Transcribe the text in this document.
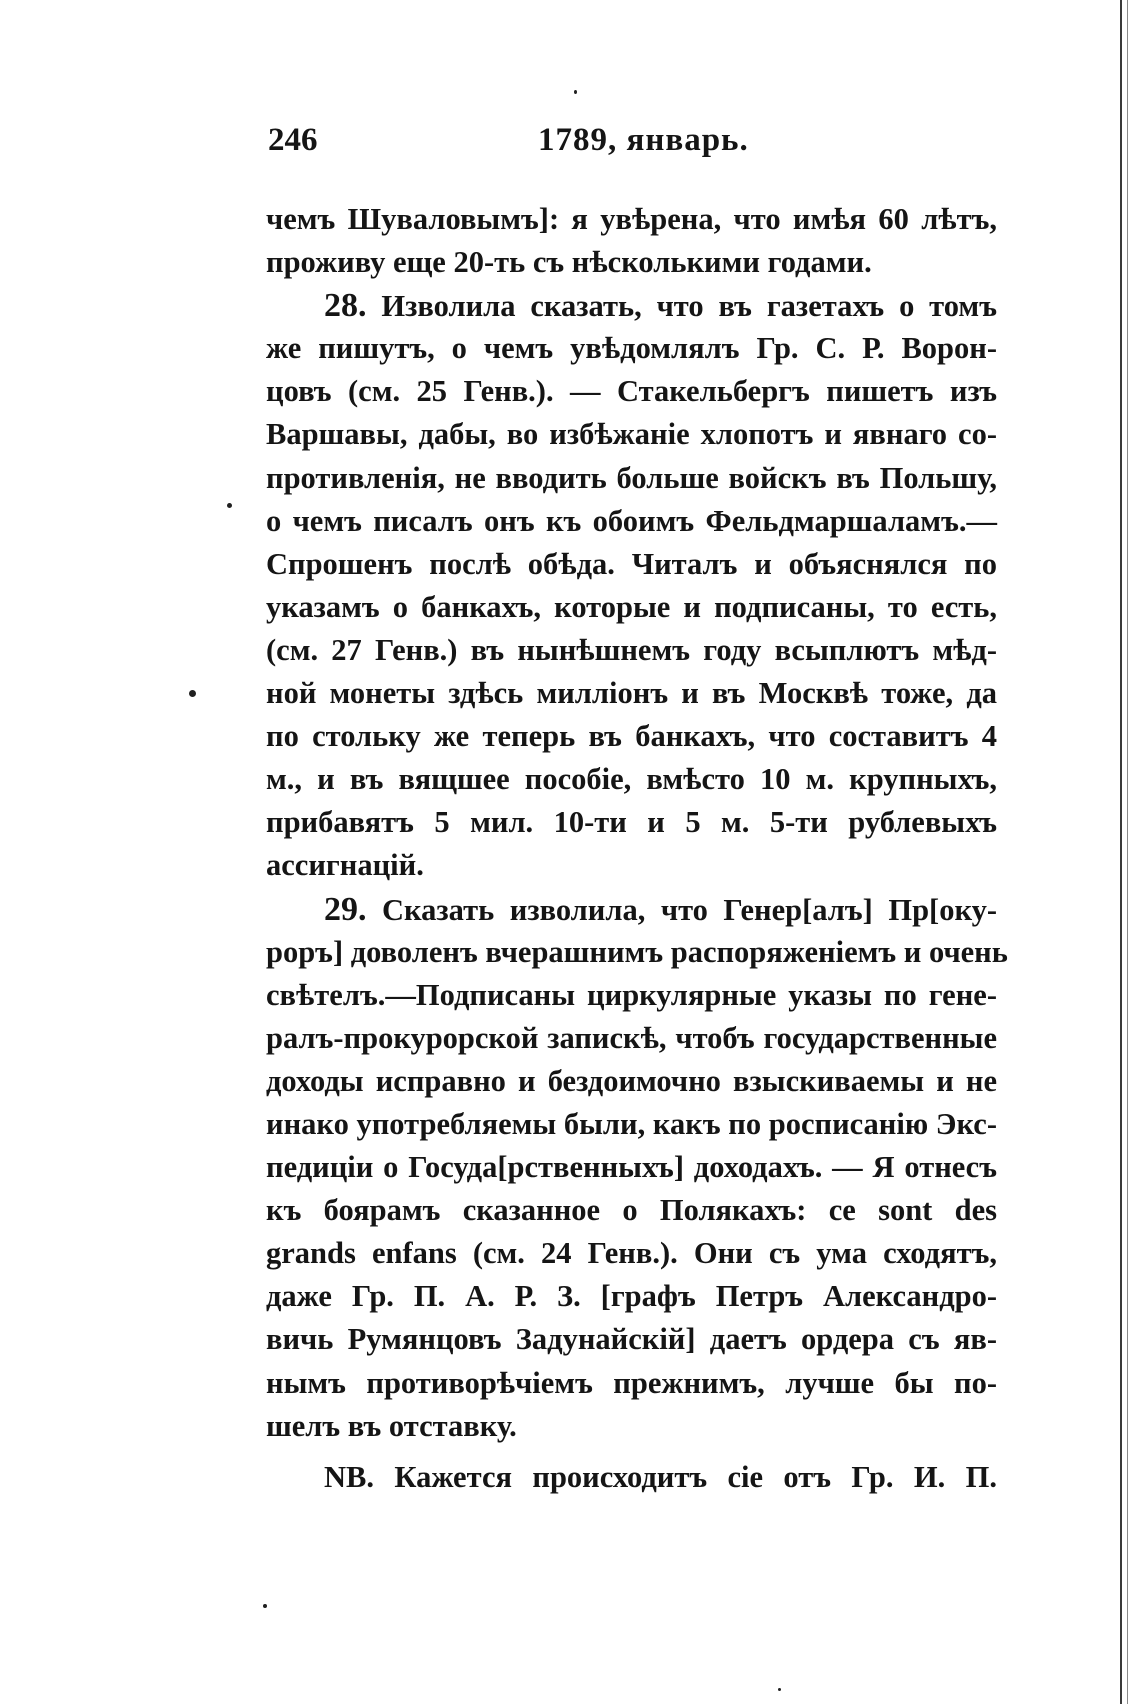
246	1789, январь.
чемъ Шуваловымъ]: я увѣрена, что имѣя 60 лѣтъ,
проживу еще 20-ть съ нѣсколькими годами.
28. Изволила сказать, что въ газетахъ о томъ
же пишутъ, о чемъ увѣдомлялъ Гр. С. Р. Ворон-
цовъ (см. 25 Генв.). — Стакельбергъ пишетъ изъ
Варшавы, дабы, во избѣжаніе хлопотъ и явнаго со-
противленія, не вводить больше войскъ въ Польшу,
о чемъ писалъ онъ къ обоимъ Фельдмаршаламъ.—
Спрошенъ послѣ обѣда. Читалъ и объяснялся по
указамъ о банкахъ, которые и подписаны, то есть,
(см. 27 Генв.) въ нынѣшнемъ году всыплютъ мѣд-
ной монеты здѣсь милліонъ и въ Москвѣ тоже, да
по стольку же теперь въ банкахъ, что составитъ 4
м., и въ вящшее пособіе, вмѣсто 10 м. крупныхъ,
прибавятъ 5 мил. 10-ти и 5 м. 5-ти рублевыхъ
ассигнацій.
29. Сказать изволила, что Генер[алъ] Пр[оку-
роръ] доволенъ вчерашнимъ распоряженіемъ и очень
свѣтелъ.—Подписаны циркулярные указы по гене-
ралъ-прокурорской запискѣ, чтобъ государственные
доходы исправно и бездоимочно взыскиваемы и не
инако употребляемы были, какъ по росписанію Экс-
педиціи о Госуда[рственныхъ] доходахъ. — Я отнесъ
къ боярамъ сказанное о Полякахъ: ce sont des
grands enfans (см. 24 Генв.). Они съ ума сходятъ,
даже Гр. П. А. Р. З. [графъ Петръ Александро-
вичь Румянцовъ Задунайскій] даетъ ордера съ яв-
нымъ противорѣчіемъ прежнимъ, лучше бы по-
шелъ въ отставку.
NB. Кажется происходитъ сіе отъ Гр. И. П.
